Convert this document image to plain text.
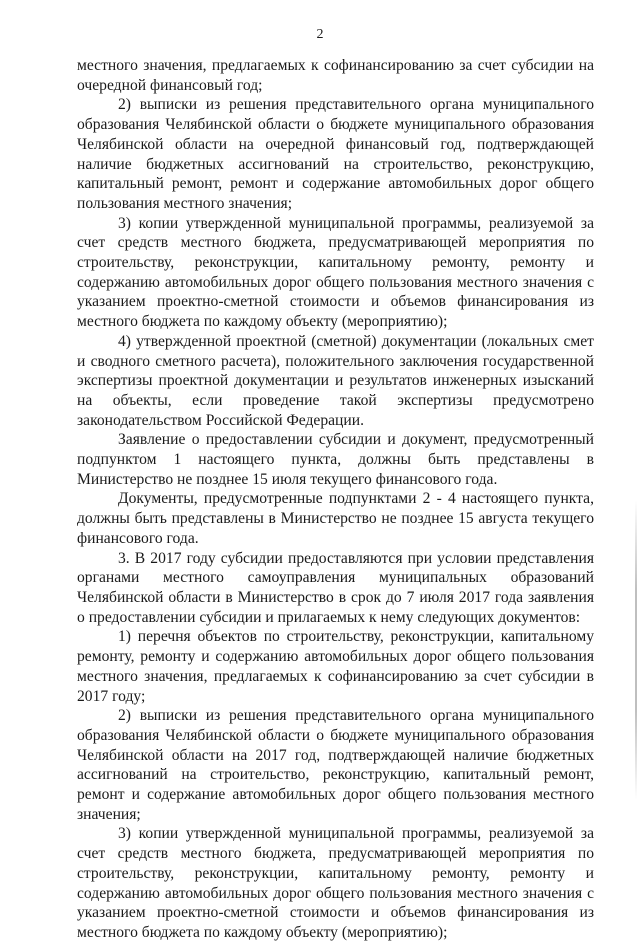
2

местного значения, предлагаемых к софинансированию за счет субсидии на очередной финансовый год;

2) выписки из решения представительного органа муниципального образования Челябинской области о бюджете муниципального образования Челябинской области на очередной финансовый год, подтверждающей наличие бюджетных ассигнований на строительство, реконструкцию, капитальный ремонт, ремонт и содержание автомобильных дорог общего пользования местного значения;

3) копии утвержденной муниципальной программы, реализуемой за счет средств местного бюджета, предусматривающей мероприятия по строительству, реконструкции, капитальному ремонту, ремонту и содержанию автомобильных дорог общего пользования местного значения с указанием проектно-сметной стоимости и объемов финансирования из местного бюджета по каждому объекту (мероприятию);

4) утвержденной проектной (сметной) документации (локальных смет и сводного сметного расчета), положительного заключения государственной экспертизы проектной документации и результатов инженерных изысканий на объекты, если проведение такой экспертизы предусмотрено законодательством Российской Федерации.

Заявление о предоставлении субсидии и документ, предусмотренный подпунктом 1 настоящего пункта, должны быть представлены в Министерство не позднее 15 июля текущего финансового года.

Документы, предусмотренные подпунктами 2 - 4 настоящего пункта, должны быть представлены в Министерство не позднее 15 августа текущего финансового года.

3. В 2017 году субсидии предоставляются при условии представления органами местного самоуправления муниципальных образований Челябинской области в Министерство в срок до 7 июля 2017 года заявления о предоставлении субсидии и прилагаемых к нему следующих документов:

1) перечня объектов по строительству, реконструкции, капитальному ремонту, ремонту и содержанию автомобильных дорог общего пользования местного значения, предлагаемых к софинансированию за счет субсидии в 2017 году;

2) выписки из решения представительного органа муниципального образования Челябинской области о бюджете муниципального образования Челябинской области на 2017 год, подтверждающей наличие бюджетных ассигнований на строительство, реконструкцию, капитальный ремонт, ремонт и содержание автомобильных дорог общего пользования местного значения;

3) копии утвержденной муниципальной программы, реализуемой за счет средств местного бюджета, предусматривающей мероприятия по строительству, реконструкции, капитальному ремонту, ремонту и содержанию автомобильных дорог общего пользования местного значения с указанием проектно-сметной стоимости и объемов финансирования из местного бюджета по каждому объекту (мероприятию);
